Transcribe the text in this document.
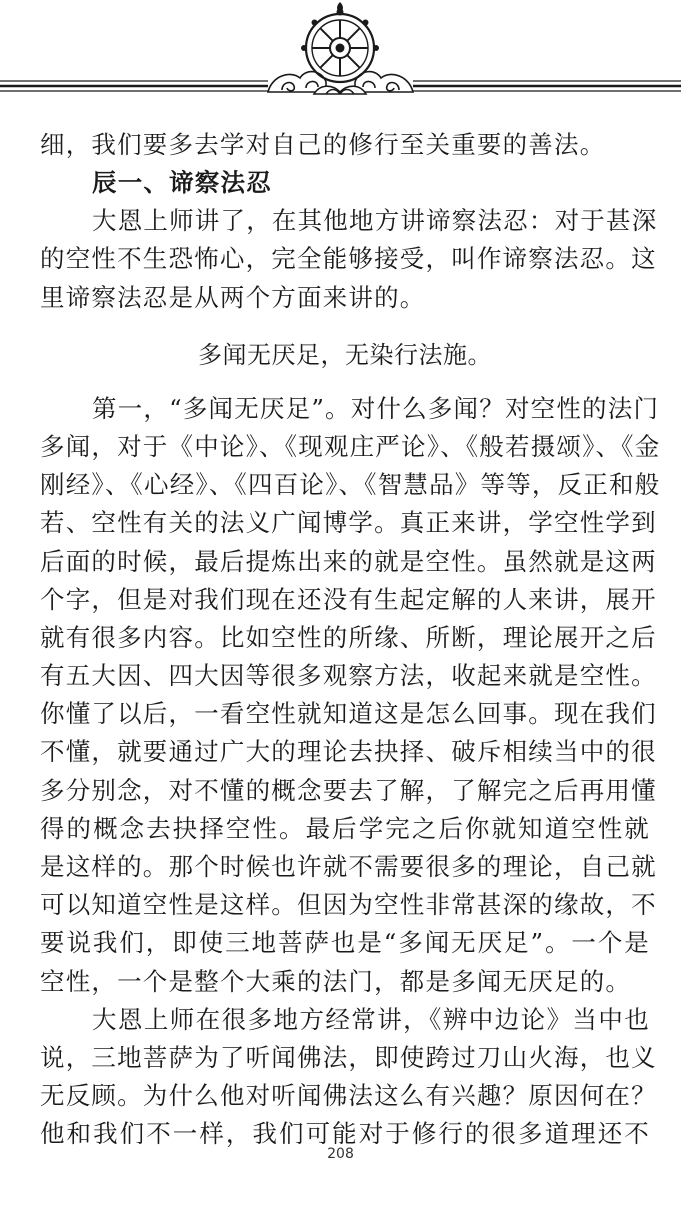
细，我们要多去学对自己的修行至关重要的善法。
辰一、谛察法忍
大恩上师讲了，在其他地方讲谛察法忍：对于甚深
的空性不生恐怖心，完全能够接受，叫作谛察法忍。这
里谛察法忍是从两个方面来讲的。
多闻无厌足，无染行法施。
第一，“多闻无厌足”。对什么多闻？对空性的法门
多闻，对于《中论》、《现观庄严论》、《般若摄颂》、《金
刚经》、《心经》、《四百论》、《智慧品》等等，反正和般
若、空性有关的法义广闻博学。真正来讲，学空性学到
后面的时候，最后提炼出来的就是空性。虽然就是这两
个字，但是对我们现在还没有生起定解的人来讲，展开
就有很多内容。比如空性的所缘、所断，理论展开之后
有五大因、四大因等很多观察方法，收起来就是空性。
你懂了以后，一看空性就知道这是怎么回事。现在我们
不懂，就要通过广大的理论去抉择、破斥相续当中的很
多分别念，对不懂的概念要去了解，了解完之后再用懂
得的概念去抉择空性。最后学完之后你就知道空性就
是这样的。那个时候也许就不需要很多的理论，自己就
可以知道空性是这样。但因为空性非常甚深的缘故，不
要说我们，即使三地菩萨也是“多闻无厌足”。一个是
空性，一个是整个大乘的法门，都是多闻无厌足的。
大恩上师在很多地方经常讲，《辨中边论》当中也
说，三地菩萨为了听闻佛法，即使跨过刀山火海，也义
无反顾。为什么他对听闻佛法这么有兴趣？原因何在？
他和我们不一样，我们可能对于修行的很多道理还不
208
